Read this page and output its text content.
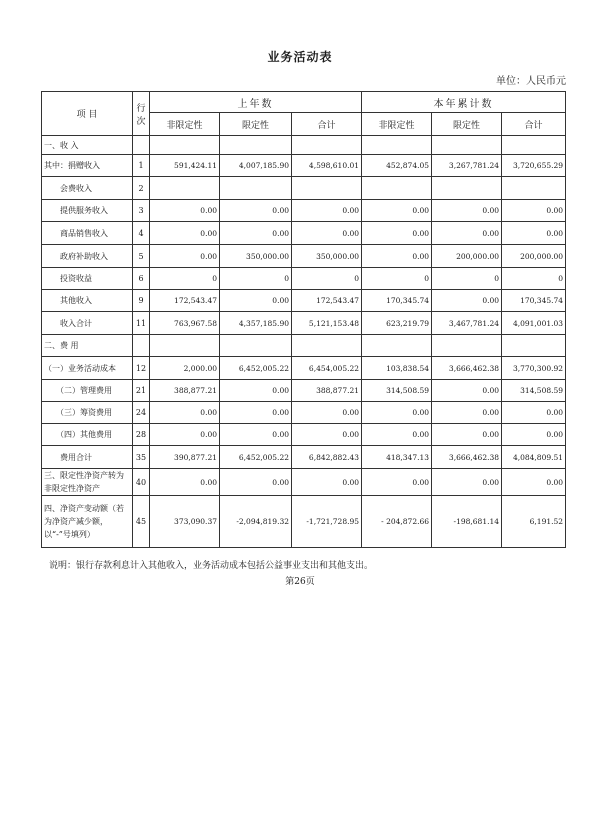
业务活动表
单位：人民币元
项 目	行次	上年数			本年累计数		
		非限定性	限定性	合计	非限定性	限定性	合计
一、收 入							
其中：捐赠收入	1	591,424.11	4,007,185.90	4,598,610.01	452,874.05	3,267,781.24	3,720,655.29
会费收入	2						
提供服务收入	3	0.00	0.00	0.00	0.00	0.00	0.00
商品销售收入	4	0.00	0.00	0.00	0.00	0.00	0.00
政府补助收入	5	0.00	350,000.00	350,000.00	0.00	200,000.00	200,000.00
投资收益	6	0	0	0	0	0	0
其他收入	9	172,543.47	0.00	172,543.47	170,345.74	0.00	170,345.74
收入合计	11	763,967.58	4,357,185.90	5,121,153.48	623,219.79	3,467,781.24	4,091,001.03
二、费 用							
（一）业务活动成本	12	2,000.00	6,452,005.22	6,454,005.22	103,838.54	3,666,462.38	3,770,300.92
（二）管理费用	21	388,877.21	0.00	388,877.21	314,508.59	0.00	314,508.59
（三）筹资费用	24	0.00	0.00	0.00	0.00	0.00	0.00
（四）其他费用	28	0.00	0.00	0.00	0.00	0.00	0.00
费用合计	35	390,877.21	6,452,005.22	6,842,882.43	418,347.13	3,666,462.38	4,084,809.51
三、限定性净资产转为非限定性净资产	40	0.00	0.00	0.00	0.00	0.00	0.00
四、净资产变动额（若为净资产减少额，以“-”号填列）	45	373,090.37	-2,094,819.32	-1,721,728.95	- 204,872.66	-198,681.14	6,191.52
说明：银行存款利息计入其他收入，业务活动成本包括公益事业支出和其他支出。
第26页
